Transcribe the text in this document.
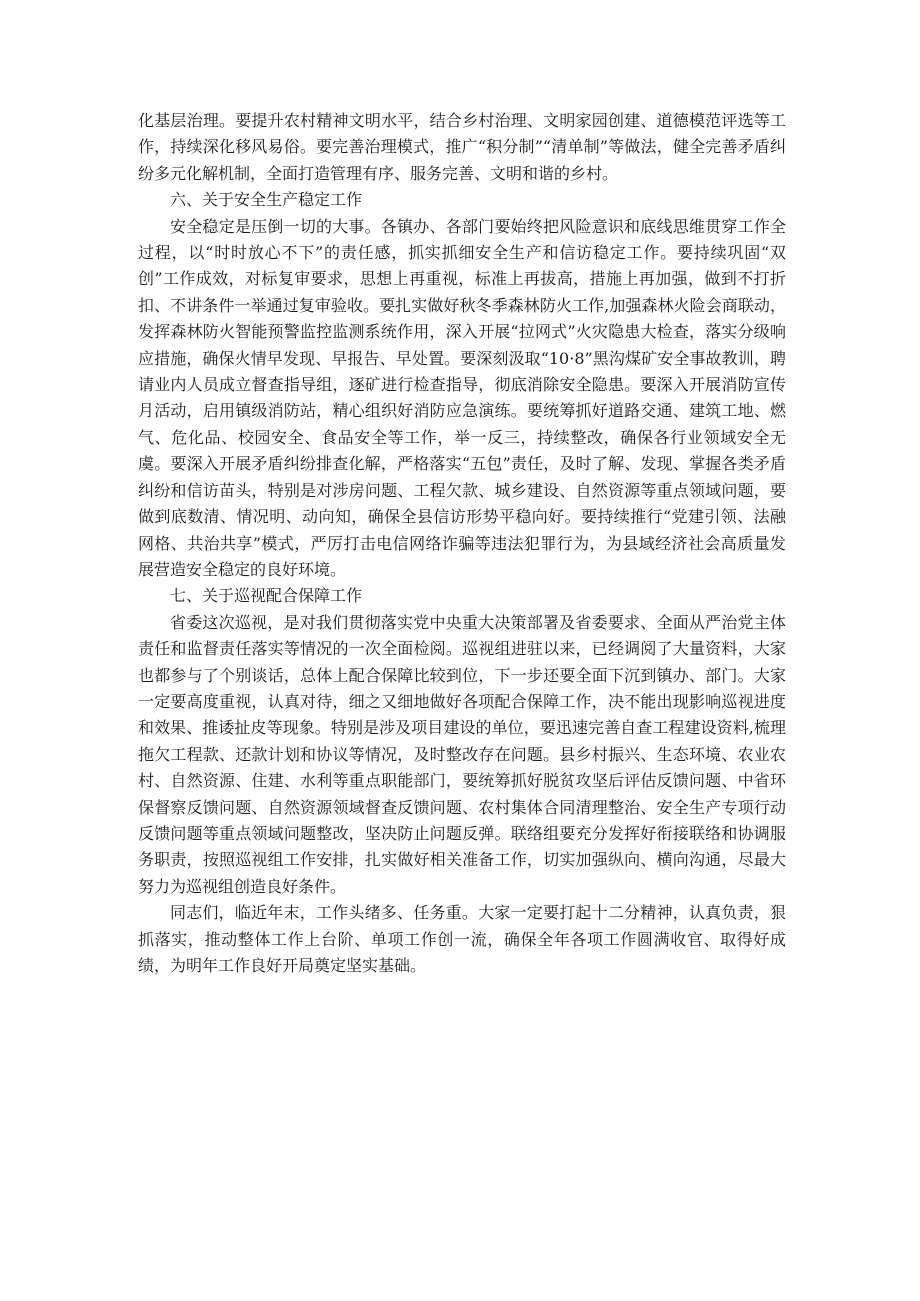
化基层治理。要提升农村精神文明水平，结合乡村治理、文明家园创建、道德模范评选等工作，持续深化移风易俗。要完善治理模式，推广“积分制”“清单制”等做法，健全完善矛盾纠纷多元化解机制，全面打造管理有序、服务完善、文明和谐的乡村。

六、关于安全生产稳定工作

安全稳定是压倒一切的大事。各镇办、各部门要始终把风险意识和底线思维贯穿工作全过程，以“时时放心不下”的责任感，抓实抓细安全生产和信访稳定工作。要持续巩固“双创”工作成效，对标复审要求，思想上再重视，标准上再拔高，措施上再加强，做到不打折扣、不讲条件一举通过复审验收。要扎实做好秋冬季森林防火工作,加强森林火险会商联动，发挥森林防火智能预警监控监测系统作用，深入开展“拉网式”火灾隐患大检查，落实分级响应措施，确保火情早发现、早报告、早处置。要深刻汲取“10·8”黑沟煤矿安全事故教训，聘请业内人员成立督查指导组，逐矿进行检查指导，彻底消除安全隐患。要深入开展消防宣传月活动，启用镇级消防站，精心组织好消防应急演练。要统筹抓好道路交通、建筑工地、燃气、危化品、校园安全、食品安全等工作，举一反三，持续整改，确保各行业领域安全无虞。要深入开展矛盾纠纷排查化解，严格落实“五包”责任，及时了解、发现、掌握各类矛盾纠纷和信访苗头，特别是对涉房问题、工程欠款、城乡建设、自然资源等重点领域问题，要做到底数清、情况明、动向知，确保全县信访形势平稳向好。要持续推行“党建引领、法融网格、共治共享”模式，严厉打击电信网络诈骗等违法犯罪行为，为县域经济社会高质量发展营造安全稳定的良好环境。

七、关于巡视配合保障工作

省委这次巡视，是对我们贯彻落实党中央重大决策部署及省委要求、全面从严治党主体责任和监督责任落实等情况的一次全面检阅。巡视组进驻以来，已经调阅了大量资料，大家也都参与了个别谈话，总体上配合保障比较到位，下一步还要全面下沉到镇办、部门。大家一定要高度重视，认真对待，细之又细地做好各项配合保障工作，决不能出现影响巡视进度和效果、推诿扯皮等现象。特别是涉及项目建设的单位，要迅速完善自查工程建设资料,梳理拖欠工程款、还款计划和协议等情况，及时整改存在问题。县乡村振兴、生态环境、农业农村、自然资源、住建、水利等重点职能部门，要统筹抓好脱贫攻坚后评估反馈问题、中省环保督察反馈问题、自然资源领域督查反馈问题、农村集体合同清理整治、安全生产专项行动反馈问题等重点领域问题整改，坚决防止问题反弹。联络组要充分发挥好衔接联络和协调服务职责，按照巡视组工作安排，扎实做好相关准备工作，切实加强纵向、横向沟通，尽最大努力为巡视组创造良好条件。

同志们，临近年末，工作头绪多、任务重。大家一定要打起十二分精神，认真负责，狠抓落实，推动整体工作上台阶、单项工作创一流，确保全年各项工作圆满收官、取得好成绩，为明年工作良好开局奠定坚实基础。
